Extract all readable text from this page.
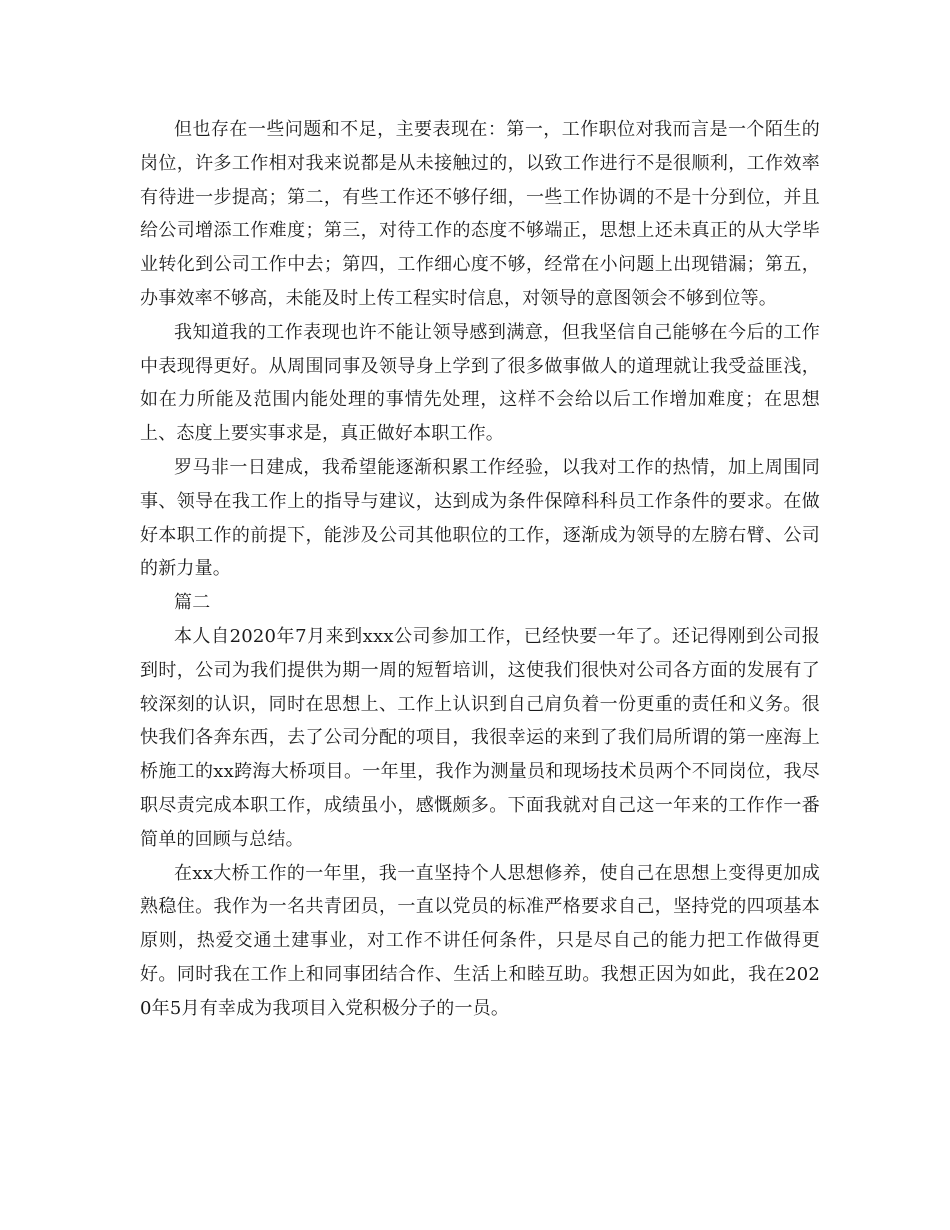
但也存在一些问题和不足，主要表现在：第一，工作职位对我而言是一个陌生的岗位，许多工作相对我来说都是从未接触过的，以致工作进行不是很顺利，工作效率有待进一步提高；第二，有些工作还不够仔细，一些工作协调的不是十分到位，并且给公司增添工作难度；第三，对待工作的态度不够端正，思想上还未真正的从大学毕业转化到公司工作中去；第四，工作细心度不够，经常在小问题上出现错漏；第五，办事效率不够高，未能及时上传工程实时信息，对领导的意图领会不够到位等。

我知道我的工作表现也许不能让领导感到满意，但我坚信自己能够在今后的工作中表现得更好。从周围同事及领导身上学到了很多做事做人的道理就让我受益匪浅，如在力所能及范围内能处理的事情先处理，这样不会给以后工作增加难度；在思想上、态度上要实事求是，真正做好本职工作。

罗马非一日建成，我希望能逐渐积累工作经验，以我对工作的热情，加上周围同事、领导在我工作上的指导与建议，达到成为条件保障科科员工作条件的要求。在做好本职工作的前提下，能涉及公司其他职位的工作，逐渐成为领导的左膀右臂、公司的新力量。

篇二

本人自2020年7月来到xxx公司参加工作，已经快要一年了。还记得刚到公司报到时，公司为我们提供为期一周的短暂培训，这使我们很快对公司各方面的发展有了较深刻的认识，同时在思想上、工作上认识到自己肩负着一份更重的责任和义务。很快我们各奔东西，去了公司分配的项目，我很幸运的来到了我们局所谓的第一座海上桥施工的xx跨海大桥项目。一年里，我作为测量员和现场技术员两个不同岗位，我尽职尽责完成本职工作，成绩虽小，感慨颇多。下面我就对自己这一年来的工作作一番简单的回顾与总结。

在xx大桥工作的一年里，我一直坚持个人思想修养，使自己在思想上变得更加成熟稳住。我作为一名共青团员，一直以党员的标准严格要求自己，坚持党的四项基本原则，热爱交通土建事业，对工作不讲任何条件，只是尽自己的能力把工作做得更好。同时我在工作上和同事团结合作、生活上和睦互助。我想正因为如此，我在2020年5月有幸成为我项目入党积极分子的一员。
